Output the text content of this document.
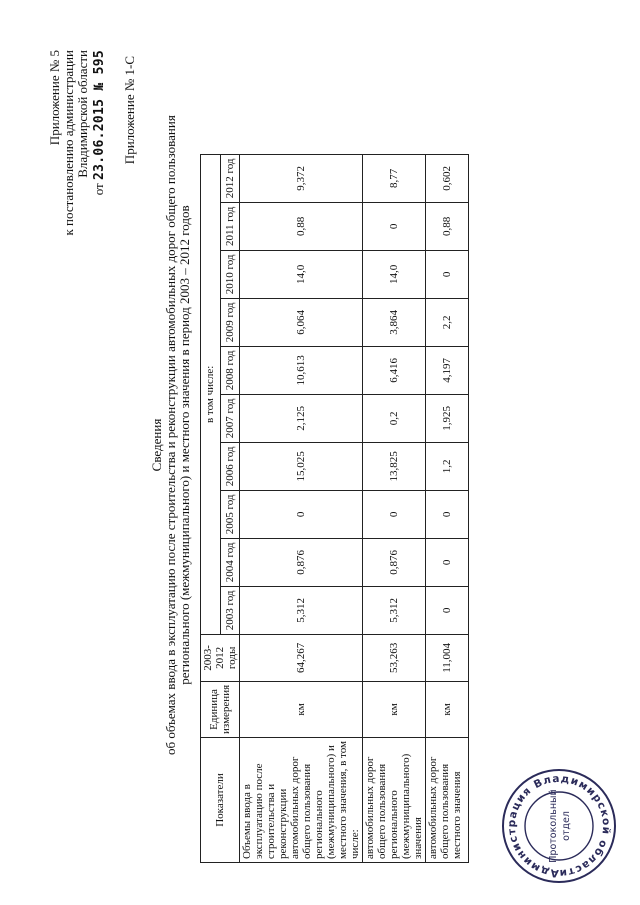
Приложение № 5 к постановлению администрации Владимирской области
от 23.06.2015 № 595 Приложение № 1-С
Сведения об объемах ввода в эксплуатацию после строительства и реконструкции автомобильных дорог общего пользования регионального (межмуниципального) и местного значения в период 2003 – 2012 годов
Показатели	Единица измерения	2003-2012 годы	в том числе:									
			2003 год	2004 год	2005 год	2006 год	2007 год	2008 год	2009 год	2010 год	2011 год	2012 год
Объемы ввода в эксплуатацию после строительства и реконструкции автомобильных дорог общего пользования регионального (межмуниципального) и местного значения, в том числе:	км	64,267	5,312	0,876	0	15,025	2,125	10,613	6,064	14,0	0,88	9,372
автомобильных дорог общего пользования регионального (межмуниципального) значения	км	53,263	5,312	0,876	0	13,825	0,2	6,416	3,864	14,0	0	8,77
автомобильных дорог общего пользования местного значения	км	11,004	0	0	0	1,2	1,925	4,197	2,2	0	0,88	0,602
Администрация Владимирской области
Протокольный отдел
